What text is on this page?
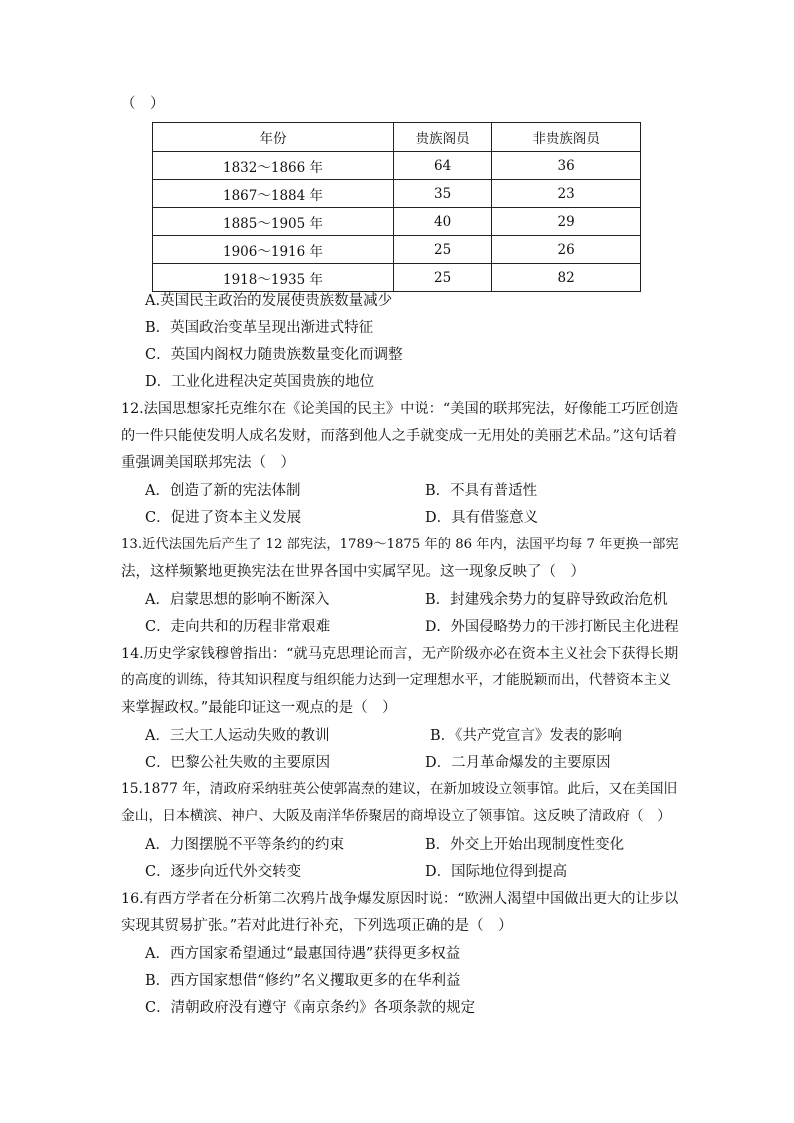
（　）
年份	贵族阁员	非贵族阁员
1832～1866 年	64	36
1867～1884 年	35	23
1885～1905 年	40	29
1906～1916 年	25	26
1918～1935 年	25	82
A.英国民主政治的发展使贵族数量减少
B．英国政治变革呈现出渐进式特征
C．英国内阁权力随贵族数量变化而调整
D．工业化进程决定英国贵族的地位
12.法国思想家托克维尔在《论美国的民主》中说：“美国的联邦宪法，好像能工巧匠创造
的一件只能使发明人成名发财，而落到他人之手就变成一无用处的美丽艺术品。”这句话着
重强调美国联邦宪法（　）
A．创造了新的宪法体制	B．不具有普适性
C．促进了资本主义发展	D．具有借鉴意义
13.近代法国先后产生了 12 部宪法，1789～1875 年的 86 年内，法国平均每 7 年更换一部宪
法，这样频繁地更换宪法在世界各国中实属罕见。这一现象反映了（　）
A．启蒙思想的影响不断深入	B．封建残余势力的复辟导致政治危机
C．走向共和的历程非常艰难	D．外国侵略势力的干涉打断民主化进程
14.历史学家钱穆曾指出：“就马克思理论而言，无产阶级亦必在资本主义社会下获得长期
的高度的训练，待其知识程度与组织能力达到一定理想水平，才能脱颖而出，代替资本主义
来掌握政权。”最能印证这一观点的是（　）
A．三大工人运动失败的教训	B．《共产党宣言》发表的影响
C．巴黎公社失败的主要原因	D．二月革命爆发的主要原因
15.1877 年，清政府采纳驻英公使郭嵩焘的建议，在新加坡设立领事馆。此后，又在美国旧
金山，日本横滨、神户、大阪及南洋华侨聚居的商埠设立了领事馆。这反映了清政府（　）
A．力图摆脱不平等条约的约束	B．外交上开始出现制度性变化
C．逐步向近代外交转变	D．国际地位得到提高
16.有西方学者在分析第二次鸦片战争爆发原因时说：“欧洲人渴望中国做出更大的让步以
实现其贸易扩张。”若对此进行补充，下列选项正确的是（　）
A．西方国家希望通过“最惠国待遇”获得更多权益
B．西方国家想借“修约”名义攫取更多的在华利益
C．清朝政府没有遵守《南京条约》各项条款的规定
